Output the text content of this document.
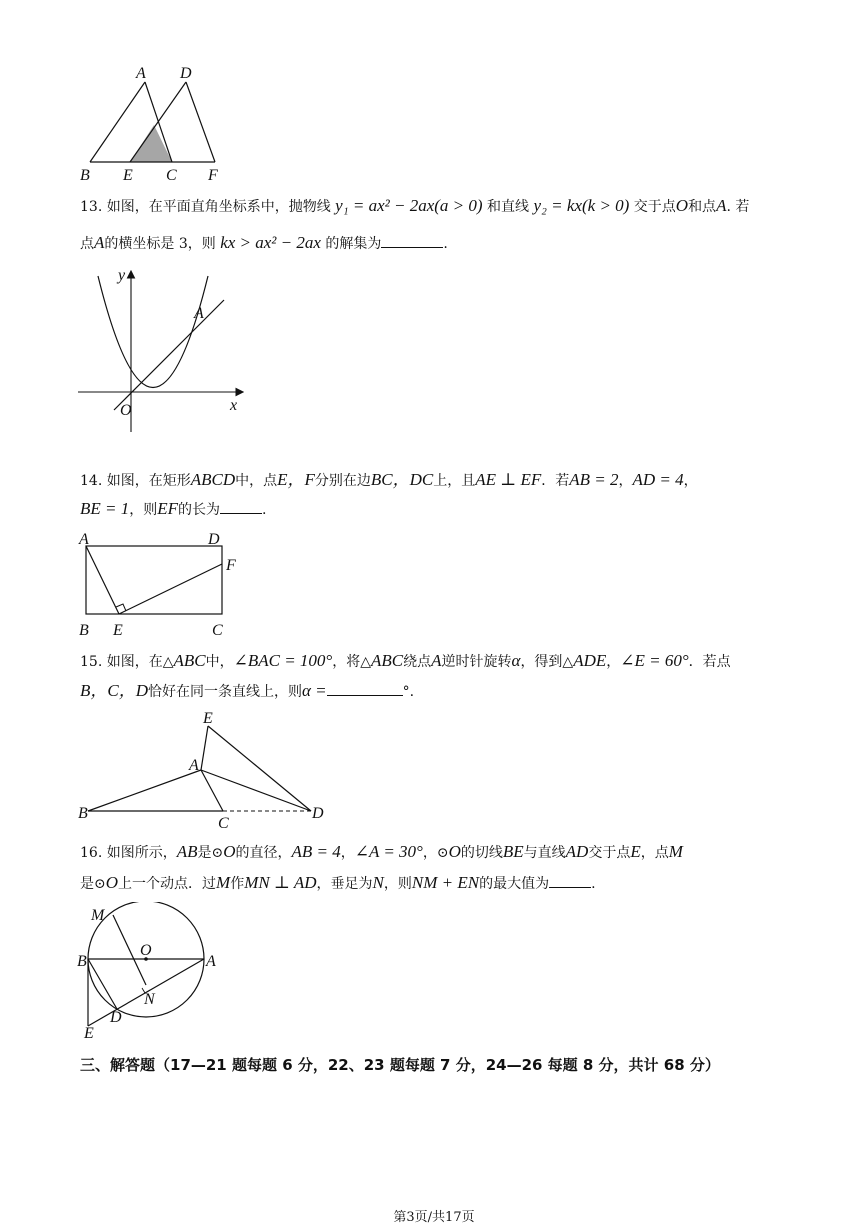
A D
B E C F
13. 如图，在平面直角坐标系中，抛物线 y₁ = ax² − 2ax(a > 0) 和直线 y₂ = kx(k > 0) 交于点O和点A. 若
点A的横坐标是 3，则 kx > ax² − 2ax 的解集为	.
y
A
x
O
14. 如图，在矩形ABCD中，点E，F分别在边BC，DC上，且AE ⊥ EF．若AB = 2，AD = 4，
BE = 1，则EF的长为	.
A	D
F
B E	C
15. 如图，在△ABC中，∠BAC = 100°，将△ABC绕点A逆时针旋转α，得到△ADE，∠E = 60°．若点
B，C，D恰好在同一条直线上，则α =	°.
E
A
B
C
D
16. 如图所示，AB是⊙O的直径，AB = 4，∠A = 30°，⊙O的切线BE与直线AD交于点E，点M
是⊙O上一个动点．过M作MN ⊥ AD，垂足为N，则NM + EN的最大值为	.
M
O
B	A
N
D
E
三、解答题（17—21 题每题 6 分，22、23 题每题 7 分，24—26 每题 8 分，共计 68 分）
第3页/共17页
